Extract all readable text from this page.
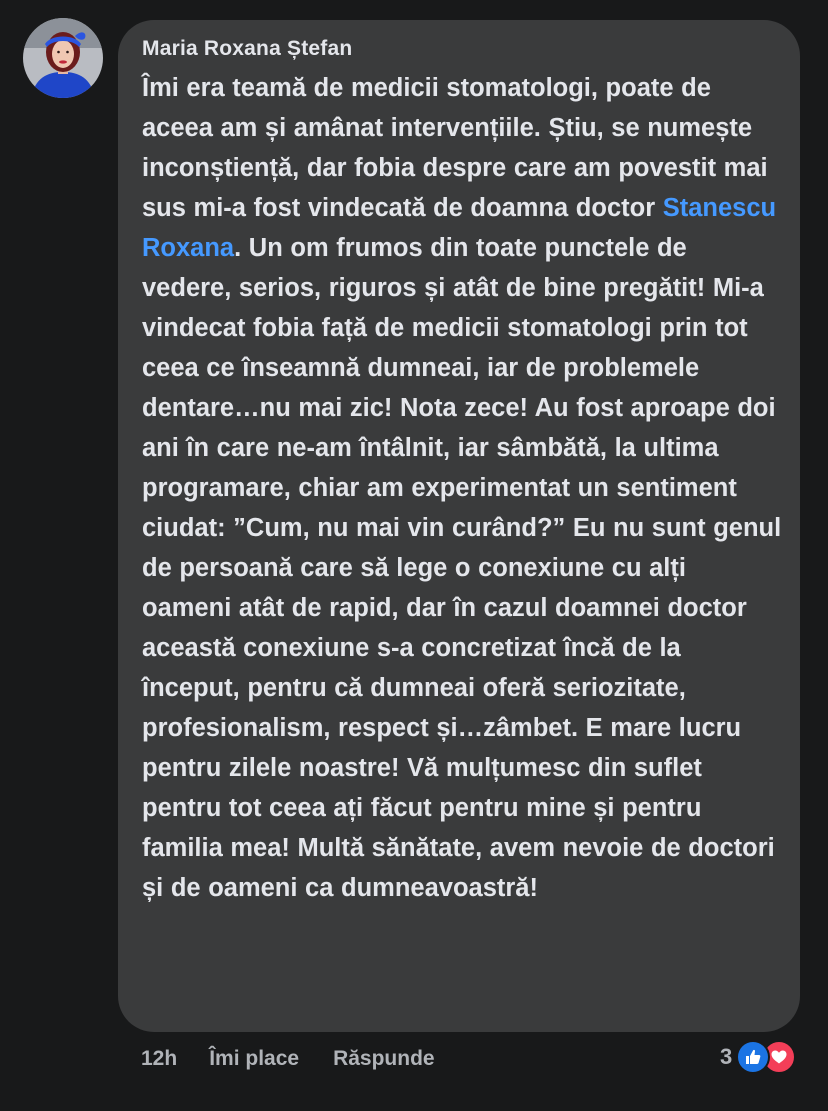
Maria Roxana Ștefan

Îmi era teamă de medicii stomatologi, poate de aceea am și amânat intervențiile. Știu, se numește inconștiență, dar fobia despre care am povestit mai sus mi-a fost vindecată de doamna doctor Stanescu Roxana. Un om frumos din toate punctele de vedere, serios, riguros și atât de bine pregătit! Mi-a vindecat fobia față de medicii stomatologi prin tot ceea ce înseamnă dumneai, iar de problemele dentare…nu mai zic! Nota zece! Au fost aproape doi ani în care ne-am întâlnit, iar sâmbătă, la ultima programare, chiar am experimentat un sentiment ciudat: ”Cum, nu mai vin curând?” Eu nu sunt genul de persoană care să lege o conexiune cu alți oameni atât de rapid, dar în cazul doamnei doctor această conexiune s-a concretizat încă de la început, pentru că dumneai oferă seriozitate, profesionalism, respect și…zâmbet. E mare lucru pentru zilele noastre! Vă mulțumesc din suflet pentru tot ceea ați făcut pentru mine și pentru familia mea! Multă sănătate, avem nevoie de doctori și de oameni ca dumneavoastră!

12h Îmi place Răspunde	3
